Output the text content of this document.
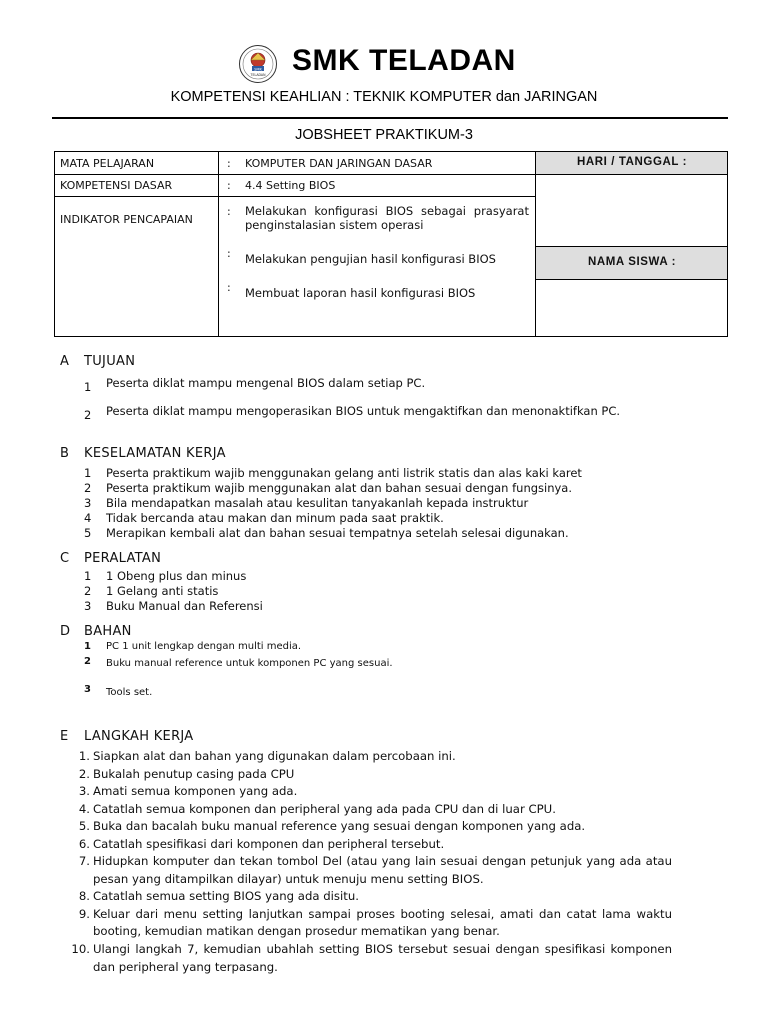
SMK
TELADAN SMK TELADAN
KOMPETENSI KEAHLIAN : TEKNIK KOMPUTER dan JARINGAN
JOBSHEET PRAKTIKUM-3
MATA PELAJARAN	: KOMPUTER DAN JARINGAN DASAR
KOMPETENSI DASAR	: 4.4 Setting BIOS
INDIKATOR PENCAPAIAN
: Melakukan konfigurasi BIOS sebagai prasyarat penginstalasian sistem operasi
: Melakukan pengujian hasil konfigurasi BIOS
: Membuat laporan hasil konfigurasi BIOS
HARI / TANGGAL :
NAMA SISWA :
A TUJUAN
1 Peserta diklat mampu mengenal BIOS dalam setiap PC.
2 Peserta diklat mampu mengoperasikan BIOS untuk mengaktifkan dan menonaktifkan PC.
B KESELAMATAN KERJA
1 Peserta praktikum wajib menggunakan gelang anti listrik statis dan alas kaki karet
2 Peserta praktikum wajib menggunakan alat dan bahan sesuai dengan fungsinya.
3 Bila mendapatkan masalah atau kesulitan tanyakanlah kepada instruktur
4 Tidak bercanda atau makan dan minum pada saat praktik.
5 Merapikan kembali alat dan bahan sesuai tempatnya setelah selesai digunakan.
C PERALATAN
1 1 Obeng plus dan minus
2 1 Gelang anti statis
3 Buku Manual dan Referensi
D BAHAN
1 PC 1 unit lengkap dengan multi media.
2 Buku manual reference untuk komponen PC yang sesuai.
3 Tools set.
E LANGKAH KERJA
1. Siapkan alat dan bahan yang digunakan dalam percobaan ini.
2. Bukalah penutup casing pada CPU
3. Amati semua komponen yang ada.
4. Catatlah semua komponen dan peripheral yang ada pada CPU dan di luar CPU.
5. Buka dan bacalah buku manual reference yang sesuai dengan komponen yang ada.
6. Catatlah spesifikasi dari komponen dan peripheral tersebut.
7. Hidupkan komputer dan tekan tombol Del (atau yang lain sesuai dengan petunjuk yang ada atau pesan yang ditampilkan dilayar) untuk menuju menu setting BIOS.
8. Catatlah semua setting BIOS yang ada disitu.
9. Keluar dari menu setting lanjutkan sampai proses booting selesai, amati dan catat lama waktu booting, kemudian matikan dengan prosedur mematikan yang benar.
10. Ulangi langkah 7, kemudian ubahlah setting BIOS tersebut sesuai dengan spesifikasi komponen dan peripheral yang terpasang.
